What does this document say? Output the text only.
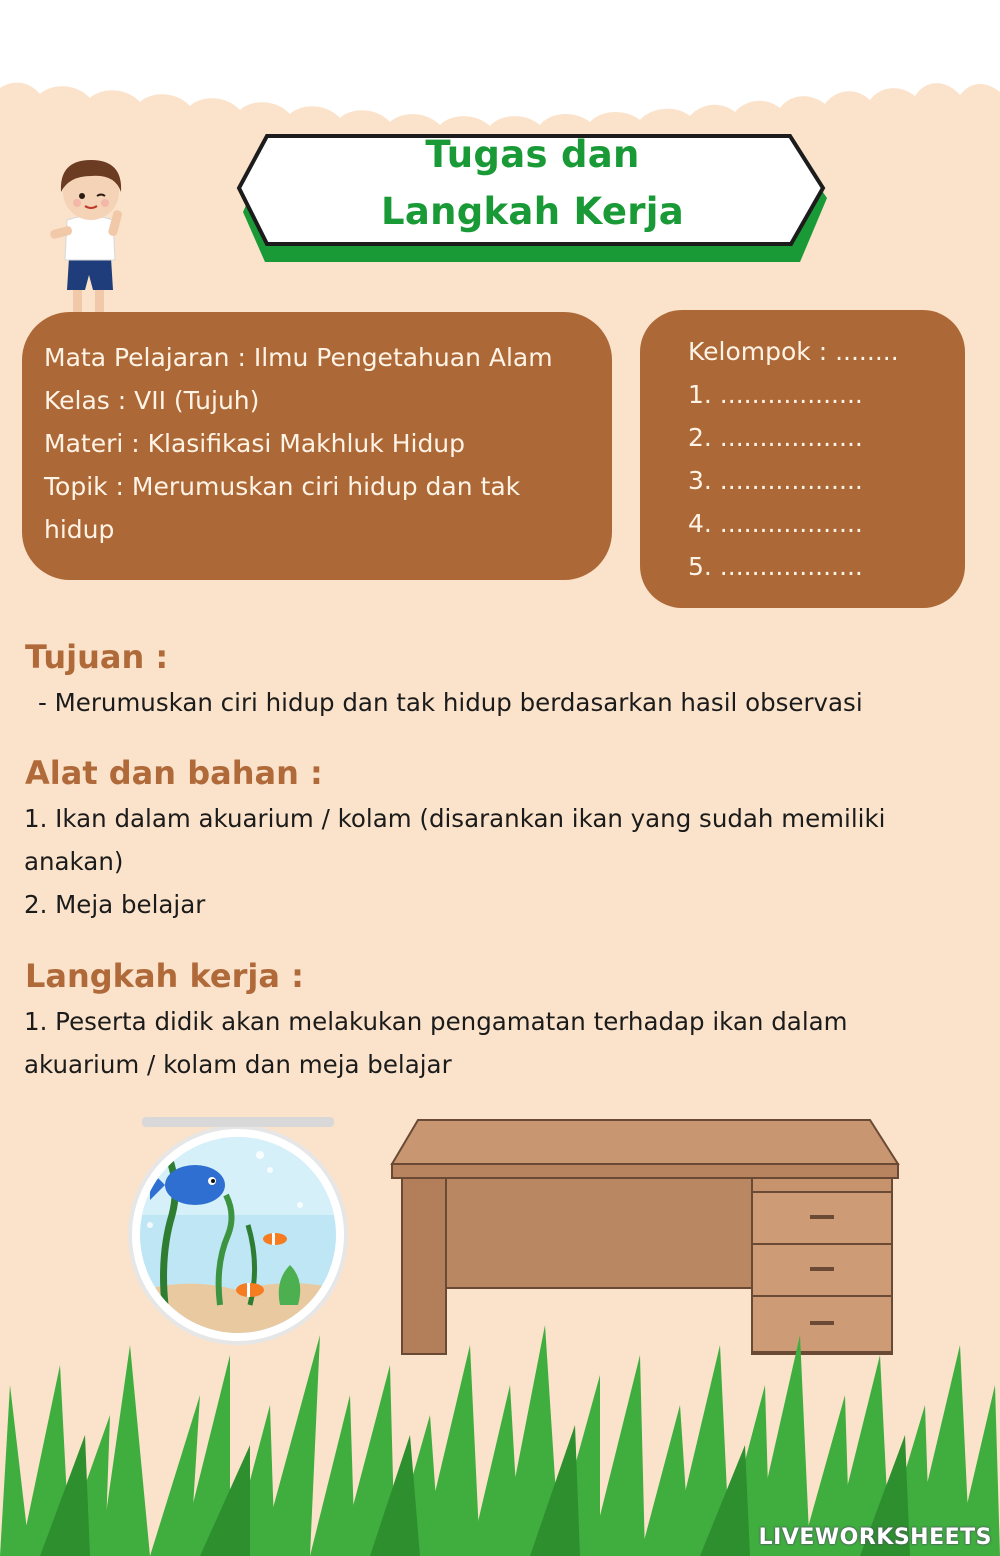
Tugas dan
Langkah Kerja
Mata Pelajaran : Ilmu Pengetahuan Alam
Kelas : VII (Tujuh)
Materi : Klasifikasi Makhluk Hidup
Topik : Merumuskan ciri hidup dan tak
hidup
Kelompok : ........
1. ..................
2. ..................
3. ..................
4. ..................
5. ..................
Tujuan :
- Merumuskan ciri hidup dan tak hidup berdasarkan hasil observasi
Alat dan bahan :
1. Ikan dalam akuarium / kolam (disarankan ikan yang sudah memiliki
anakan)
2. Meja belajar
Langkah kerja :
1. Peserta didik akan melakukan pengamatan terhadap ikan dalam
akuarium / kolam dan meja belajar
LIVEWORKSHEETS
